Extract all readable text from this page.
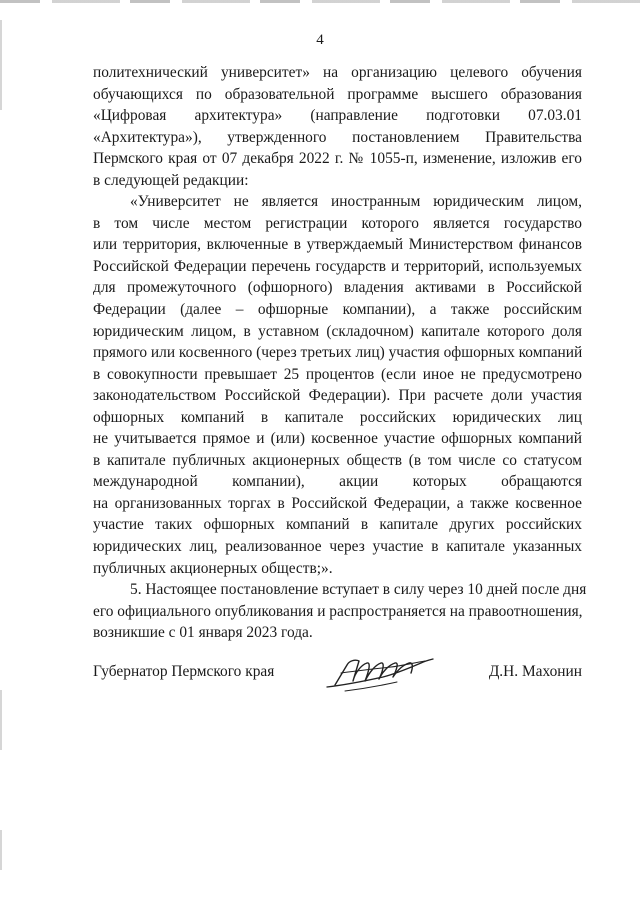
4
политехнический университет» на организацию целевого обучения
обучающихся по образовательной программе высшего образования
«Цифровая архитектура» (направление подготовки 07.03.01
«Архитектура»), утвержденного постановлением Правительства
Пермского края от 07 декабря 2022 г. № 1055-п, изменение, изложив его
в следующей редакции:
«Университет не является иностранным юридическим лицом,
в том числе местом регистрации которого является государство
или территория, включенные в утверждаемый Министерством финансов
Российской Федерации перечень государств и территорий, используемых
для промежуточного (офшорного) владения активами в Российской
Федерации (далее – офшорные компании), а также российским
юридическим лицом, в уставном (складочном) капитале которого доля
прямого или косвенного (через третьих лиц) участия офшорных компаний
в совокупности превышает 25 процентов (если иное не предусмотрено
законодательством Российской Федерации). При расчете доли участия
офшорных компаний в капитале российских юридических лиц
не учитывается прямое и (или) косвенное участие офшорных компаний
в капитале публичных акционерных обществ (в том числе со статусом
международной компании), акции которых обращаются
на организованных торгах в Российской Федерации, а также косвенное
участие таких офшорных компаний в капитале других российских
юридических лиц, реализованное через участие в капитале указанных
публичных акционерных обществ;».
5. Настоящее постановление вступает в силу через 10 дней после дня
его официального опубликования и распространяется на правоотношения,
возникшие с 01 января 2023 года.
Губернатор Пермского края	Д.Н. Махонин
